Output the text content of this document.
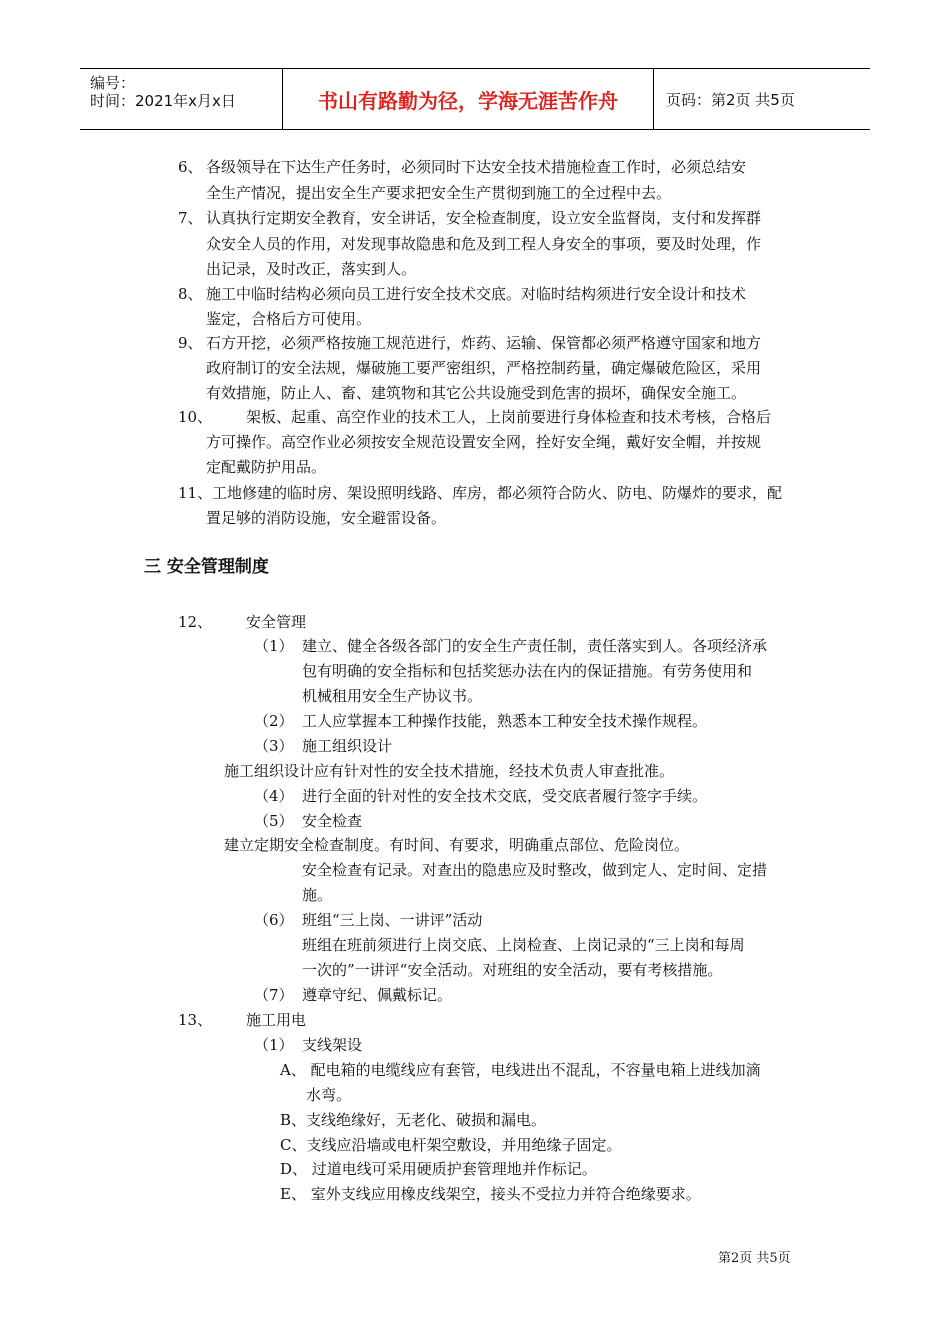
编号：
时间：2021年x月x日	书山有路勤为径，学海无涯苦作舟	页码：第2页 共5页
6、 各级领导在下达生产任务时，必须同时下达安全技术措施检查工作时，必须总结安
全生产情况，提出安全生产要求把安全生产贯彻到施工的全过程中去。
7、 认真执行定期安全教育，安全讲话，安全检查制度，设立安全监督岗，支付和发挥群
众安全人员的作用，对发现事故隐患和危及到工程人身安全的事项，要及时处理，作
出记录，及时改正，落实到人。
8、 施工中临时结构必须向员工进行安全技术交底。对临时结构须进行安全设计和技术
鉴定，合格后方可使用。
9、 石方开挖，必须严格按施工规范进行，炸药、运输、保管都必须严格遵守国家和地方
政府制订的安全法规，爆破施工要严密组织，严格控制药量，确定爆破危险区，采用
有效措施，防止人、畜、建筑物和其它公共设施受到危害的损坏，确保安全施工。
10、 架板、起重、高空作业的技术工人，上岗前要进行身体检查和技术考核，合格后
方可操作。高空作业必须按安全规范设置安全网，拴好安全绳，戴好安全帽，并按规
定配戴防护用品。
11、 工地修建的临时房、架设照明线路、库房，都必须符合防火、防电、防爆炸的要求，配
置足够的消防设施，安全避雷设备。
三 安全管理制度
12、 安全管理
（1） 建立、健全各级各部门的安全生产责任制，责任落实到人。各项经济承
包有明确的安全指标和包括奖惩办法在内的保证措施。有劳务使用和
机械租用安全生产协议书。
（2） 工人应掌握本工种操作技能，熟悉本工种安全技术操作规程。
（3） 施工组织设计
施工组织设计应有针对性的安全技术措施，经技术负责人审查批准。
（4） 进行全面的针对性的安全技术交底，受交底者履行签字手续。
（5） 安全检查
建立定期安全检查制度。有时间、有要求，明确重点部位、危险岗位。
安全检查有记录。对查出的隐患应及时整改，做到定人、定时间、定措
施。
（6） 班组“三上岗、一讲评”活动
班组在班前须进行上岗交底、上岗检查、上岗记录的“三上岗和每周
一次的”一讲评“安全活动。对班组的安全活动，要有考核措施。
（7） 遵章守纪、佩戴标记。
13、 施工用电
（1） 支线架设
A、 配电箱的电缆线应有套管，电线进出不混乱，不容量电箱上进线加滴
水弯。
B、支线绝缘好，无老化、破损和漏电。
C、支线应沿墙或电杆架空敷设，并用绝缘子固定。
D、 过道电线可采用硬质护套管理地并作标记。
E、 室外支线应用橡皮线架空，接头不受拉力并符合绝缘要求。
第2页 共5页
